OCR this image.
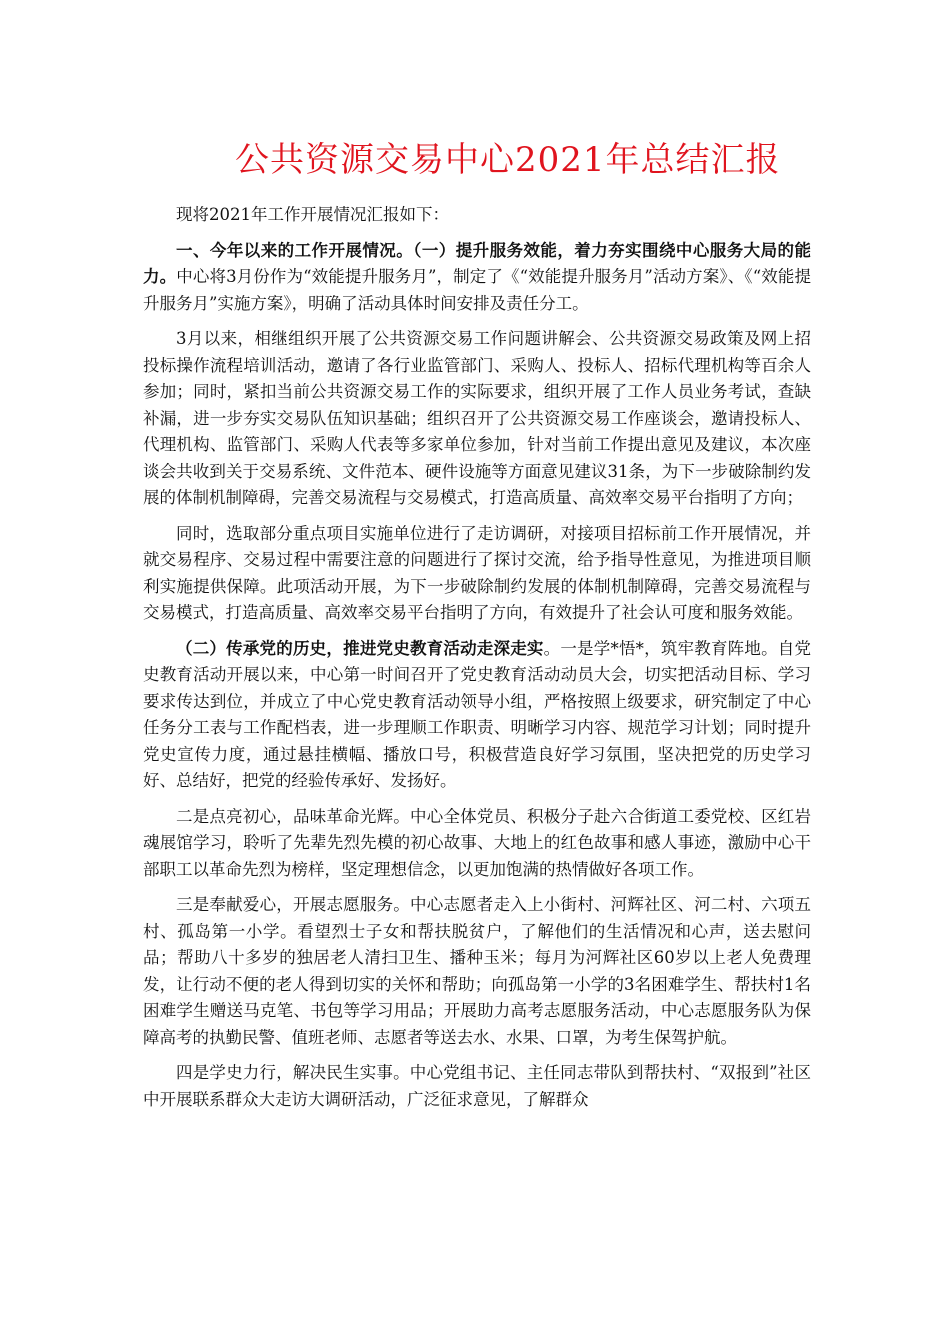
公共资源交易中心2021年总结汇报

现将2021年工作开展情况汇报如下：

一、今年以来的工作开展情况。（一）提升服务效能，着力夯实围绕中心服务大局的能力。中心将3月份作为“效能提升服务月”，制定了《“效能提升服务月”活动方案》、《“效能提升服务月”实施方案》，明确了活动具体时间安排及责任分工。

3月以来，相继组织开展了公共资源交易工作问题讲解会、公共资源交易政策及网上招投标操作流程培训活动，邀请了各行业监管部门、采购人、投标人、招标代理机构等百余人参加；同时，紧扣当前公共资源交易工作的实际要求，组织开展了工作人员业务考试，查缺补漏，进一步夯实交易队伍知识基础；组织召开了公共资源交易工作座谈会，邀请投标人、代理机构、监管部门、采购人代表等多家单位参加，针对当前工作提出意见及建议，本次座谈会共收到关于交易系统、文件范本、硬件设施等方面意见建议31条，为下一步破除制约发展的体制机制障碍，完善交易流程与交易模式，打造高质量、高效率交易平台指明了方向；

同时，选取部分重点项目实施单位进行了走访调研，对接项目招标前工作开展情况，并就交易程序、交易过程中需要注意的问题进行了探讨交流，给予指导性意见，为推进项目顺利实施提供保障。此项活动开展，为下一步破除制约发展的体制机制障碍，完善交易流程与交易模式，打造高质量、高效率交易平台指明了方向，有效提升了社会认可度和服务效能。

（二）传承党的历史，推进党史教育活动走深走实。一是学*悟*，筑牢教育阵地。自党史教育活动开展以来，中心第一时间召开了党史教育活动动员大会，切实把活动目标、学习要求传达到位，并成立了中心党史教育活动领导小组，严格按照上级要求，研究制定了中心任务分工表与工作配档表，进一步理顺工作职责、明晰学习内容、规范学习计划；同时提升党史宣传力度，通过悬挂横幅、播放口号，积极营造良好学习氛围，坚决把党的历史学习好、总结好，把党的经验传承好、发扬好。

二是点亮初心，品味革命光辉。中心全体党员、积极分子赴六合街道工委党校、区红岩魂展馆学习，聆听了先辈先烈先模的初心故事、大地上的红色故事和感人事迹，激励中心干部职工以革命先烈为榜样，坚定理想信念，以更加饱满的热情做好各项工作。

三是奉献爱心，开展志愿服务。中心志愿者走入上小街村、河辉社区、河二村、六项五村、孤岛第一小学。看望烈士子女和帮扶脱贫户，了解他们的生活情况和心声，送去慰问品；帮助八十多岁的独居老人清扫卫生、播种玉米；每月为河辉社区60岁以上老人免费理发，让行动不便的老人得到切实的关怀和帮助；向孤岛第一小学的3名困难学生、帮扶村1名困难学生赠送马克笔、书包等学习用品；开展助力高考志愿服务活动，中心志愿服务队为保障高考的执勤民警、值班老师、志愿者等送去水、水果、口罩，为考生保驾护航。

四是学史力行，解决民生实事。中心党组书记、主任同志带队到帮扶村、“双报到”社区中开展联系群众大走访大调研活动，广泛征求意见，了解群众
